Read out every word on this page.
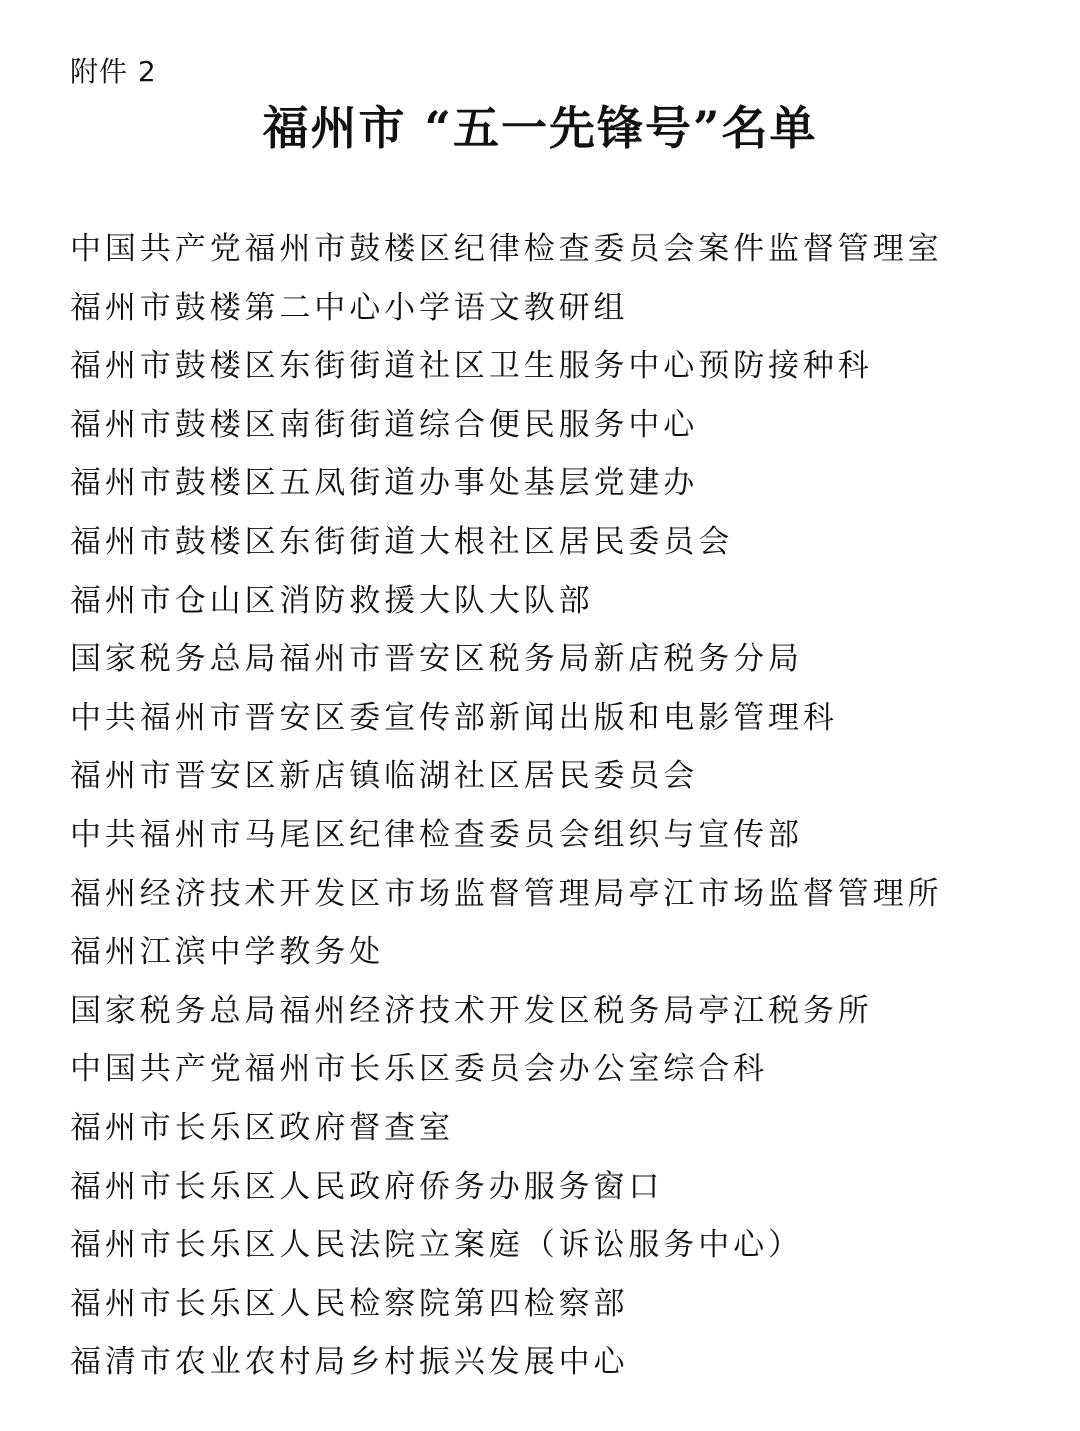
附件 2
福州市 “五一先锋号”名单
中国共产党福州市鼓楼区纪律检查委员会案件监督管理室
福州市鼓楼第二中心小学语文教研组
福州市鼓楼区东街街道社区卫生服务中心预防接种科
福州市鼓楼区南街街道综合便民服务中心
福州市鼓楼区五凤街道办事处基层党建办
福州市鼓楼区东街街道大根社区居民委员会
福州市仓山区消防救援大队大队部
国家税务总局福州市晋安区税务局新店税务分局
中共福州市晋安区委宣传部新闻出版和电影管理科
福州市晋安区新店镇临湖社区居民委员会
中共福州市马尾区纪律检查委员会组织与宣传部
福州经济技术开发区市场监督管理局亭江市场监督管理所
福州江滨中学教务处
国家税务总局福州经济技术开发区税务局亭江税务所
中国共产党福州市长乐区委员会办公室综合科
福州市长乐区政府督查室
福州市长乐区人民政府侨务办服务窗口
福州市长乐区人民法院立案庭（诉讼服务中心）
福州市长乐区人民检察院第四检察部
福清市农业农村局乡村振兴发展中心
